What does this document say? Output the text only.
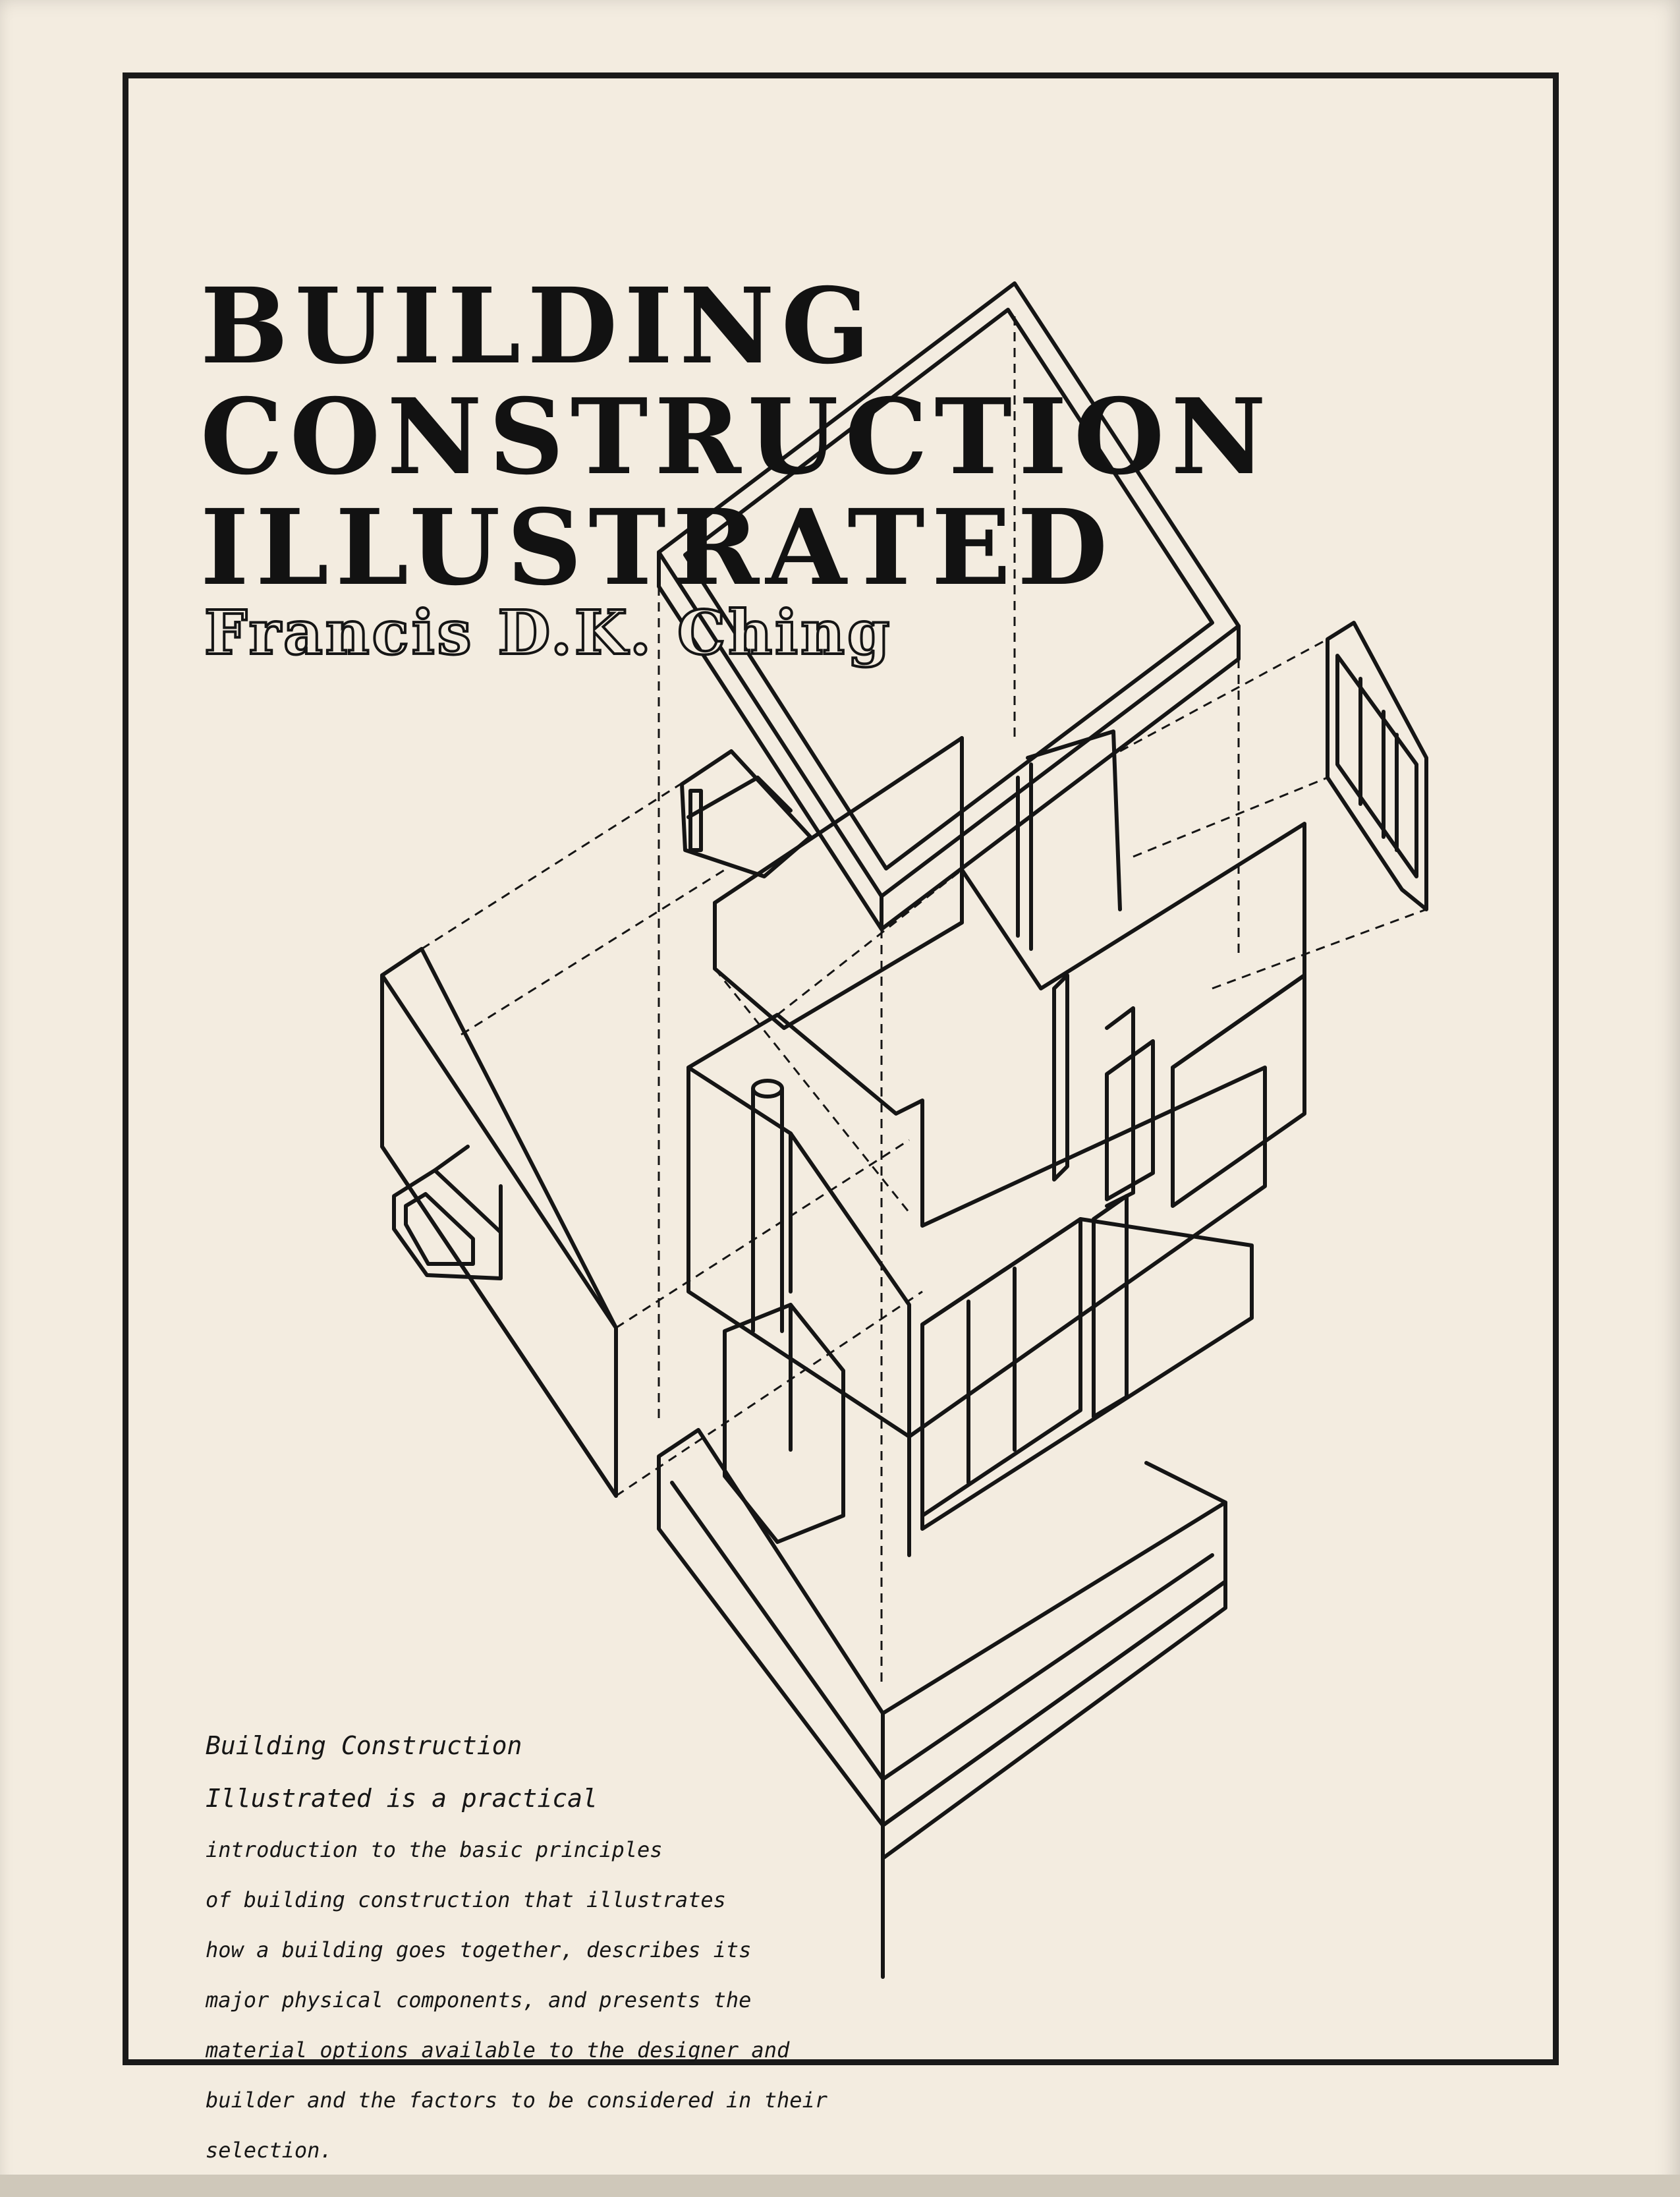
BUILDING
CONSTRUCTION
ILLUSTRATED

Francis D.K. Ching

Building Construction

Illustrated is a practical

introduction to the basic principles

of building construction that illustrates

how a building goes together, describes its

major physical components, and presents the

material options available to the designer and

builder and the factors to be considered in their

selection.
